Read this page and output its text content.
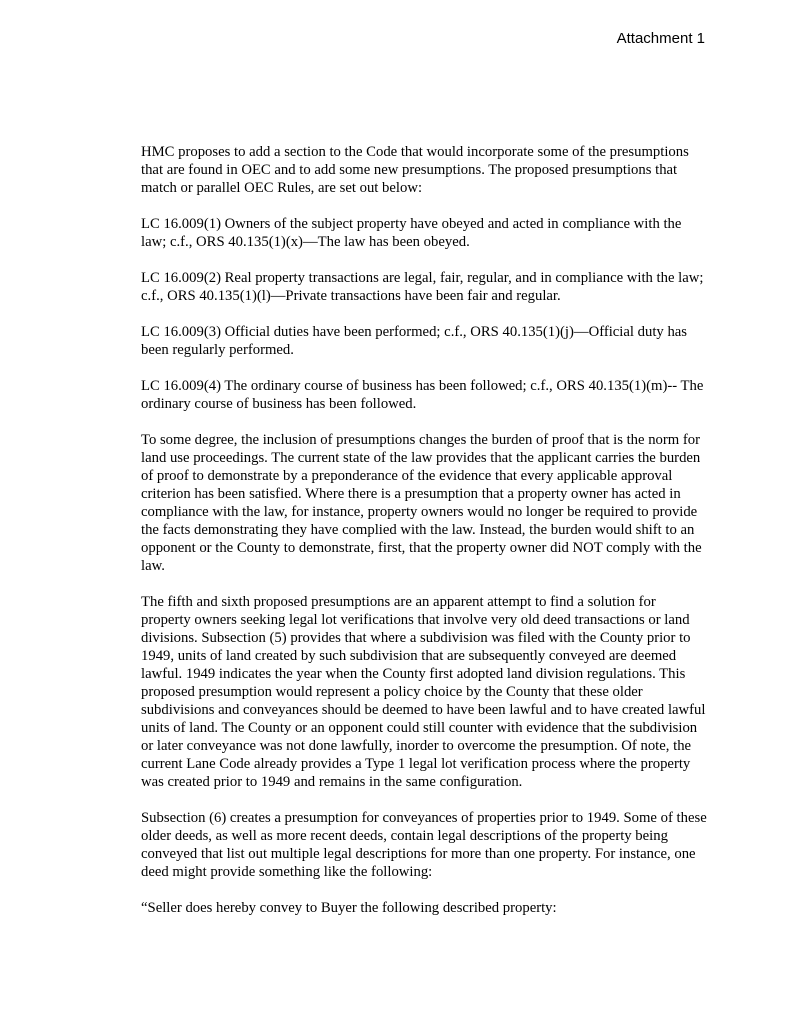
Attachment 1

HMC proposes to add a section to the Code that would incorporate some of the presumptions that are found in OEC and to add some new presumptions. The proposed presumptions that match or parallel OEC Rules, are set out below:

LC 16.009(1) Owners of the subject property have obeyed and acted in compliance with the law; c.f., ORS 40.135(1)(x)—The law has been obeyed.

LC 16.009(2) Real property transactions are legal, fair, regular, and in compliance with the law; c.f., ORS 40.135(1)(l)—Private transactions have been fair and regular.

LC 16.009(3) Official duties have been performed; c.f., ORS 40.135(1)(j)—Official duty has been regularly performed.

LC 16.009(4) The ordinary course of business has been followed; c.f., ORS 40.135(1)(m)-- The ordinary course of business has been followed.

To some degree, the inclusion of presumptions changes the burden of proof that is the norm for land use proceedings. The current state of the law provides that the applicant carries the burden of proof to demonstrate by a preponderance of the evidence that every applicable approval criterion has been satisfied. Where there is a presumption that a property owner has acted in compliance with the law, for instance, property owners would no longer be required to provide the facts demonstrating they have complied with the law. Instead, the burden would shift to an opponent or the County to demonstrate, first, that the property owner did NOT comply with the law.

The fifth and sixth proposed presumptions are an apparent attempt to find a solution for property owners seeking legal lot verifications that involve very old deed transactions or land divisions. Subsection (5) provides that where a subdivision was filed with the County prior to 1949, units of land created by such subdivision that are subsequently conveyed are deemed lawful. 1949 indicates the year when the County first adopted land division regulations. This proposed presumption would represent a policy choice by the County that these older subdivisions and conveyances should be deemed to have been lawful and to have created lawful units of land. The County or an opponent could still counter with evidence that the subdivision or later conveyance was not done lawfully, inorder to overcome the presumption. Of note, the current Lane Code already provides a Type 1 legal lot verification process where the property was created prior to 1949 and remains in the same configuration.

Subsection (6) creates a presumption for conveyances of properties prior to 1949. Some of these older deeds, as well as more recent deeds, contain legal descriptions of the property being conveyed that list out multiple legal descriptions for more than one property. For instance, one deed might provide something like the following:

“Seller does hereby convey to Buyer the following described property:
